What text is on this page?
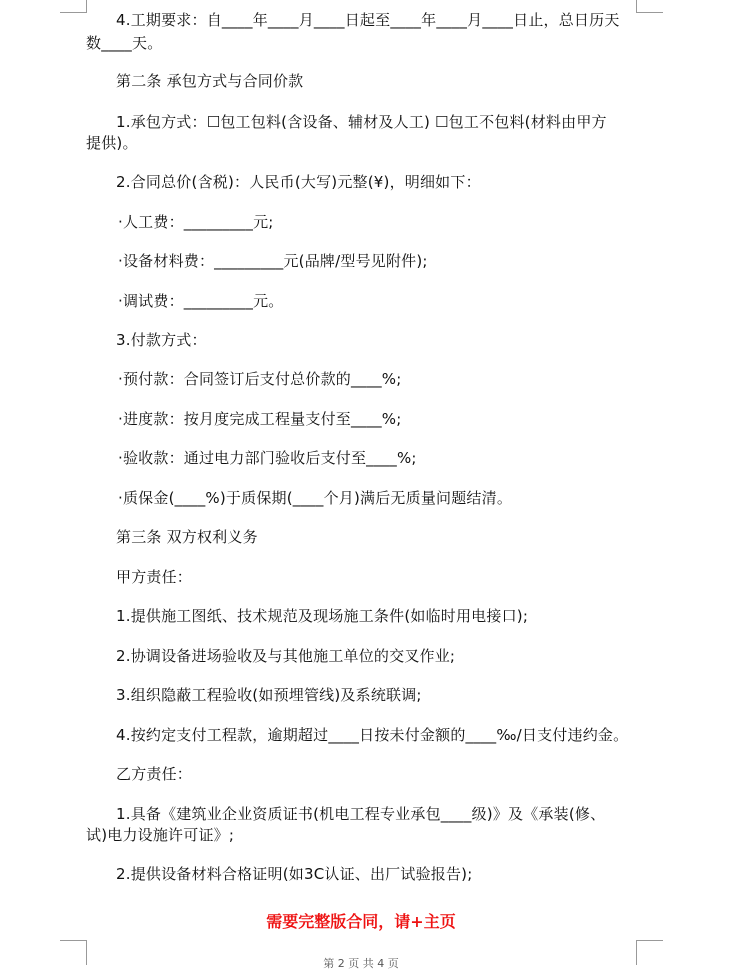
4.工期要求：自____年____月____日起至____年____月____日止，总日历天
数____天。
第二条 承包方式与合同价款
1.承包方式：☐包工包料(含设备、辅材及人工) ☐包工不包料(材料由甲方
提供)。
2.合同总价(含税)：人民币(大写)元整(¥)，明细如下：
·人工费：_________元;
·设备材料费：_________元(品牌/型号见附件);
·调试费：_________元。
3.付款方式：
·预付款：合同签订后支付总价款的____%;
·进度款：按月度完成工程量支付至____%;
·验收款：通过电力部门验收后支付至____%;
·质保金(____%)于质保期(____个月)满后无质量问题结清。
第三条 双方权利义务
甲方责任：
1.提供施工图纸、技术规范及现场施工条件(如临时用电接口);
2.协调设备进场验收及与其他施工单位的交叉作业;
3.组织隐蔽工程验收(如预埋管线)及系统联调;
4.按约定支付工程款，逾期超过____日按未付金额的____‰/日支付违约金。
乙方责任：
1.具备《建筑业企业资质证书(机电工程专业承包____级)》及《承装(修、
试)电力设施许可证》;
2.提供设备材料合格证明(如3C认证、出厂试验报告);
需要完整版合同，请+主页
第 2 页 共 4 页
